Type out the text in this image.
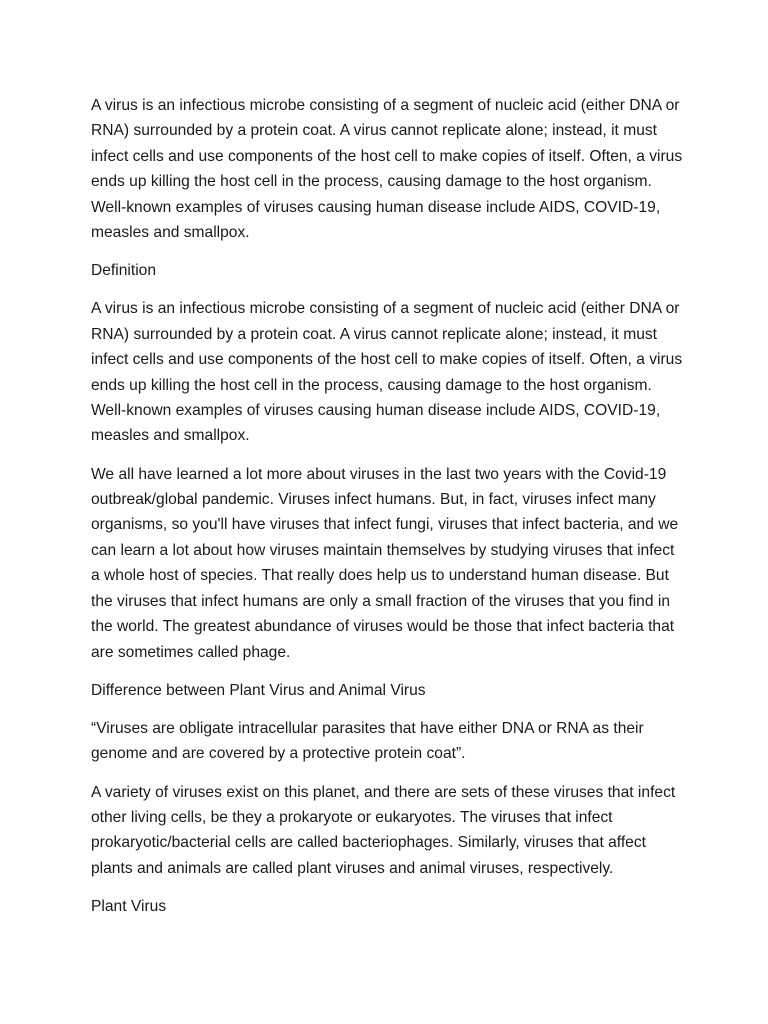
A virus is an infectious microbe consisting of a segment of nucleic acid (either DNA or RNA) surrounded by a protein coat. A virus cannot replicate alone; instead, it must infect cells and use components of the host cell to make copies of itself. Often, a virus ends up killing the host cell in the process, causing damage to the host organism. Well-known examples of viruses causing human disease include AIDS, COVID-19, measles and smallpox.

Definition

A virus is an infectious microbe consisting of a segment of nucleic acid (either DNA or RNA) surrounded by a protein coat. A virus cannot replicate alone; instead, it must infect cells and use components of the host cell to make copies of itself. Often, a virus ends up killing the host cell in the process, causing damage to the host organism. Well-known examples of viruses causing human disease include AIDS, COVID-19, measles and smallpox.

We all have learned a lot more about viruses in the last two years with the Covid-19 outbreak/global pandemic. Viruses infect humans. But, in fact, viruses infect many organisms, so you'll have viruses that infect fungi, viruses that infect bacteria, and we can learn a lot about how viruses maintain themselves by studying viruses that infect a whole host of species. That really does help us to understand human disease. But the viruses that infect humans are only a small fraction of the viruses that you find in the world. The greatest abundance of viruses would be those that infect bacteria that are sometimes called phage.

Difference between Plant Virus and Animal Virus

“Viruses are obligate intracellular parasites that have either DNA or RNA as their genome and are covered by a protective protein coat”.

A variety of viruses exist on this planet, and there are sets of these viruses that infect other living cells, be they a prokaryote or eukaryotes. The viruses that infect prokaryotic/bacterial cells are called bacteriophages. Similarly, viruses that affect plants and animals are called plant viruses and animal viruses, respectively.

Plant Virus
